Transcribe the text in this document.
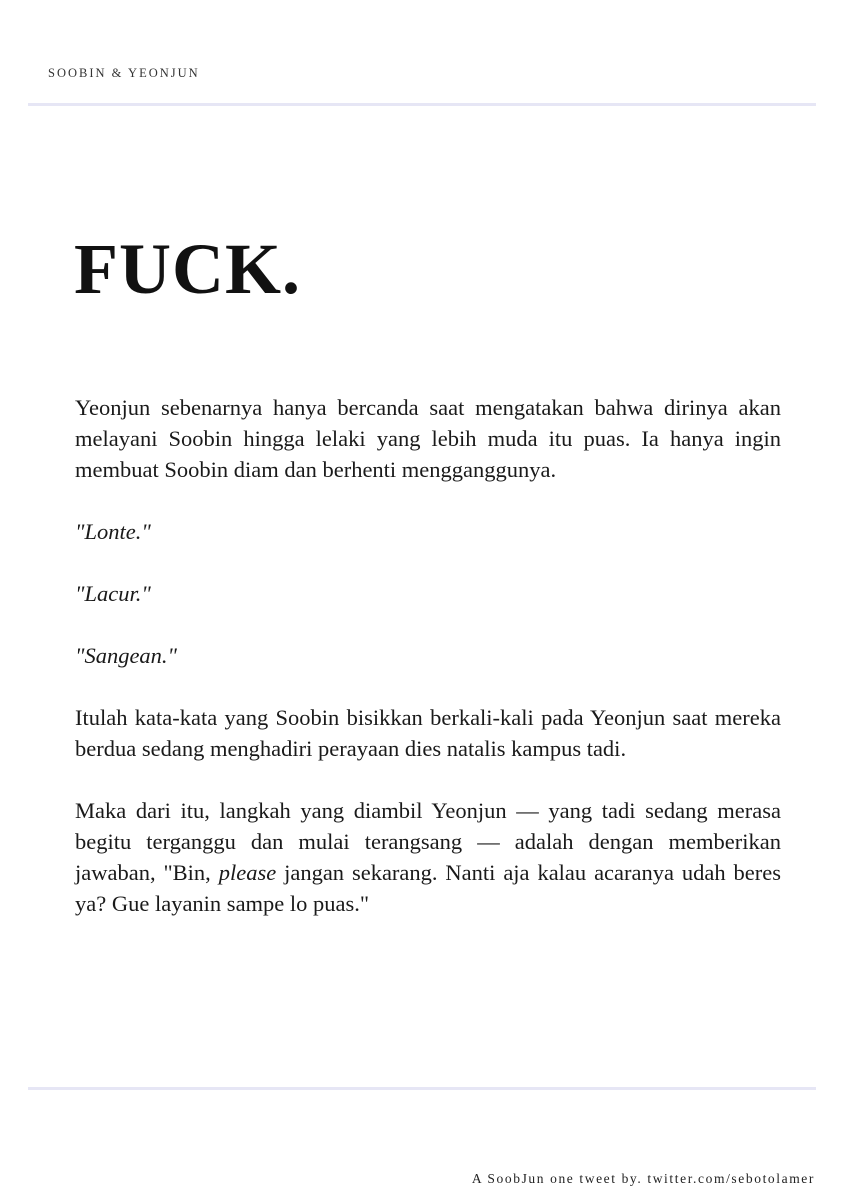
SOOBIN & YEONJUN
FUCK.

Yeonjun sebenarnya hanya bercanda saat mengatakan bahwa dirinya akan melayani Soobin hingga lelaki yang lebih muda itu puas. Ia hanya ingin membuat Soobin diam dan berhenti mengganggunya.

"Lonte."

"Lacur."

"Sangean."

Itulah kata-kata yang Soobin bisikkan berkali-kali pada Yeonjun saat mereka berdua sedang menghadiri perayaan dies natalis kampus tadi.

Maka dari itu, langkah yang diambil Yeonjun — yang tadi sedang merasa begitu terganggu dan mulai terangsang — adalah dengan memberikan jawaban, "Bin, please jangan sekarang. Nanti aja kalau acaranya udah beres ya? Gue layanin sampe lo puas."

A SoobJun one tweet by. twitter.com/sebotolamer
